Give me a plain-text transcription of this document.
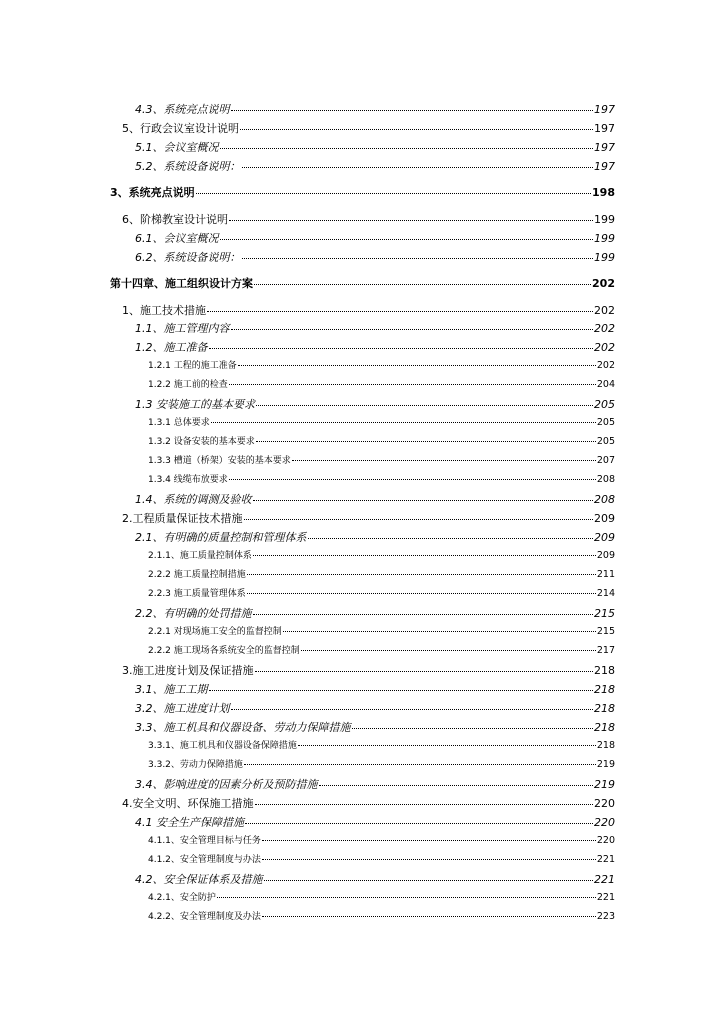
4.3、系统亮点说明	197
5、行政会议室设计说明	197
5.1、会议室概况	197
5.2、系统设备说明：	197
3、系统亮点说明	198
6、阶梯教室设计说明	199
6.1、会议室概况	199
6.2、系统设备说明：	199
第十四章、施工组织设计方案	202
1、施工技术措施	202
1.1、施工管理内容	202
1.2、施工准备	202
1.2.1 工程的施工准备	202
1.2.2 施工前的检查	204
1.3 安装施工的基本要求	205
1.3.1 总体要求	205
1.3.2 设备安装的基本要求	205
1.3.3 槽道（桥架）安装的基本要求	207
1.3.4 线缆布放要求	208
1.4、系统的调测及验收	208
2.工程质量保证技术措施	209
2.1、有明确的质量控制和管理体系	209
2.1.1、施工质量控制体系	209
2.2.2 施工质量控制措施	211
2.2.3 施工质量管理体系	214
2.2、有明确的处罚措施	215
2.2.1 对现场施工安全的监督控制	215
2.2.2 施工现场各系统安全的监督控制	217
3.施工进度计划及保证措施	218
3.1、施工工期	218
3.2、施工进度计划	218
3.3、施工机具和仪器设备、劳动力保障措施	218
3.3.1、施工机具和仪器设备保障措施	218
3.3.2、劳动力保障措施	219
3.4、影响进度的因素分析及预防措施	219
4.安全文明、环保施工措施	220
4.1 安全生产保障措施	220
4.1.1、安全管理目标与任务	220
4.1.2、安全管理制度与办法	221
4.2、安全保证体系及措施	221
4.2.1、安全防护	221
4.2.2、安全管理制度及办法	223
